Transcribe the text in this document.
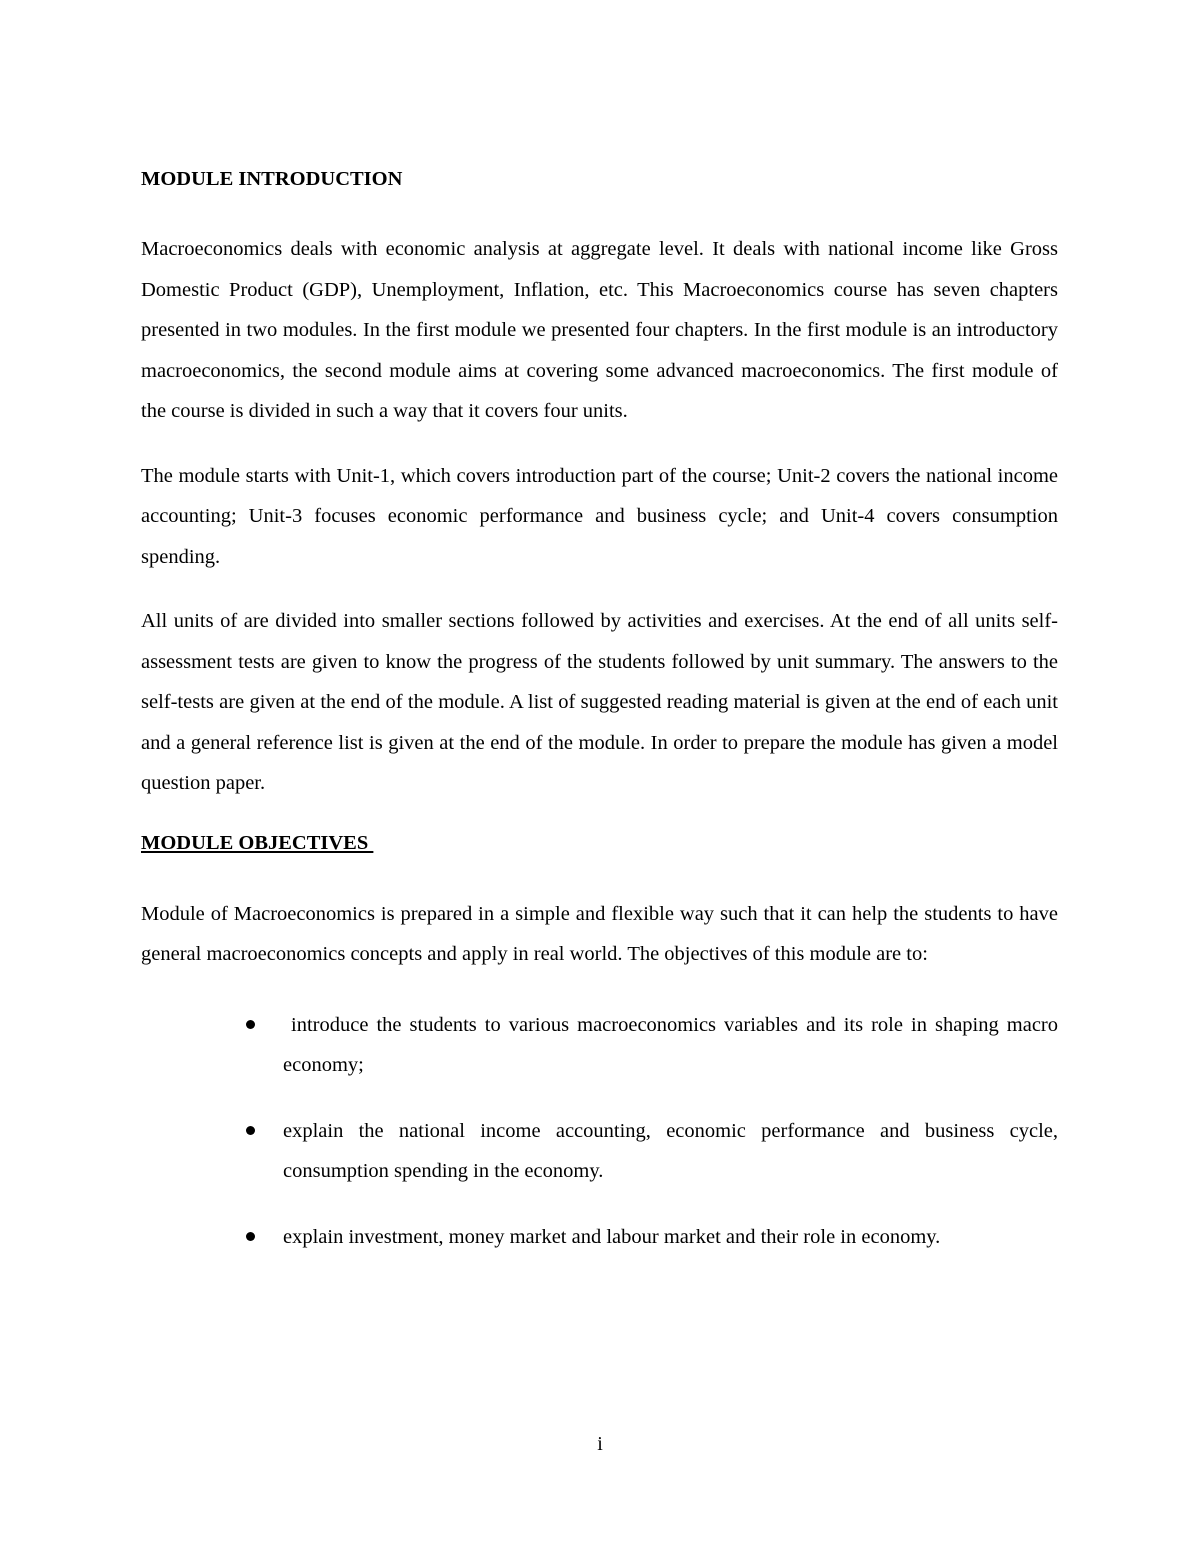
MODULE INTRODUCTION

Macroeconomics deals with economic analysis at aggregate level. It deals with national income like Gross Domestic Product (GDP), Unemployment, Inflation, etc. This Macroeconomics course has seven chapters presented in two modules. In the first module we presented four chapters. In the first module is an introductory macroeconomics, the second module aims at covering some advanced macroeconomics. The first module of the course is divided in such a way that it covers four units.

The module starts with Unit-1, which covers introduction part of the course; Unit-2 covers the national income accounting; Unit-3 focuses economic performance and business cycle; and Unit-4 covers consumption spending.

All units of are divided into smaller sections followed by activities and exercises. At the end of all units self-assessment tests are given to know the progress of the students followed by unit summary. The answers to the self-tests are given at the end of the module. A list of suggested reading material is given at the end of each unit and a general reference list is given at the end of the module. In order to prepare the module has given a model question paper.

MODULE OBJECTIVES

Module of Macroeconomics is prepared in a simple and flexible way such that it can help the students to have general macroeconomics concepts and apply in real world. The objectives of this module are to:

introduce the students to various macroeconomics variables and its role in shaping macro economy;
explain the national income accounting, economic performance and business cycle, consumption spending in the economy.
explain investment, money market and labour market and their role in economy.
i
